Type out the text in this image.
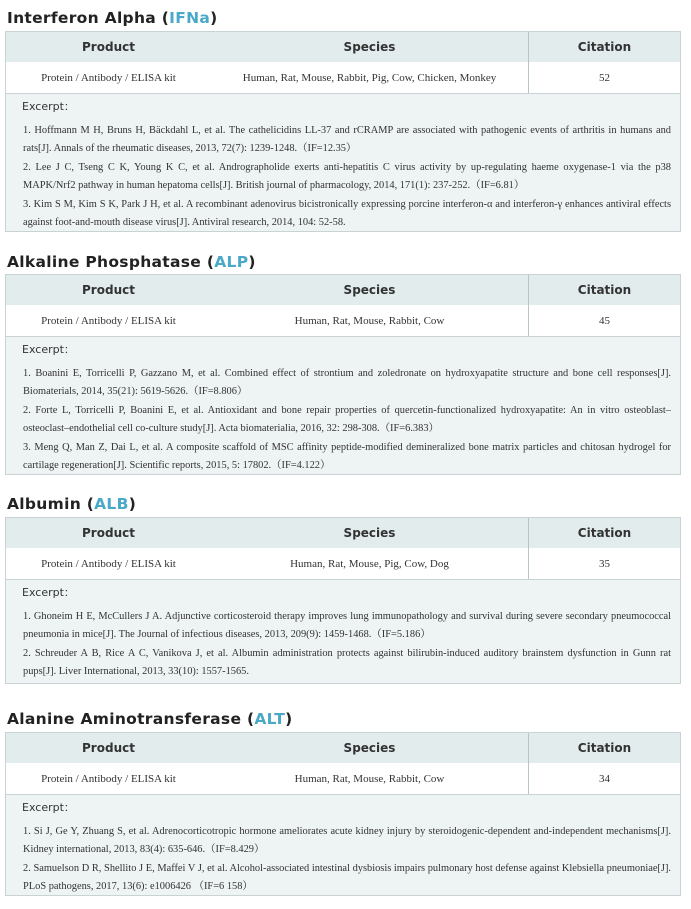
Interferon Alpha (IFNa)
Product	Species	Citation
Protein / Antibody / ELISA kit	Human, Rat, Mouse, Rabbit, Pig, Cow, Chicken, Monkey	52
Excerpt：

1. Hoffmann M H, Bruns H, Bäckdahl L, et al. The cathelicidins LL-37 and rCRAMP are associated with pathogenic events of arthritis in humans and rats[J]. Annals of the rheumatic diseases, 2013, 72(7): 1239-1248.（IF=12.35）

2. Lee J C, Tseng C K, Young K C, et al. Andrographolide exerts anti-hepatitis C virus activity by up-regulating haeme oxygenase-1 via the p38 MAPK/Nrf2 pathway in human hepatoma cells[J]. British journal of pharmacology, 2014, 171(1): 237-252.（IF=6.81）

3. Kim S M, Kim S K, Park J H, et al. A recombinant adenovirus bicistronically expressing porcine interferon-α and interferon-γ enhances antiviral effects against foot-and-mouth disease virus[J]. Antiviral research, 2014, 104: 52-58.

Alkaline Phosphatase (ALP)
Product	Species	Citation
Protein / Antibody / ELISA kit	Human, Rat, Mouse, Rabbit, Cow	45
Excerpt：

1. Boanini E, Torricelli P, Gazzano M, et al. Combined effect of strontium and zoledronate on hydroxyapatite structure and bone cell responses[J]. Biomaterials, 2014, 35(21): 5619-5626.（IF=8.806）

2. Forte L, Torricelli P, Boanini E, et al. Antioxidant and bone repair properties of quercetin-functionalized hydroxyapatite: An in vitro osteoblast–osteoclast–endothelial cell co-culture study[J]. Acta biomaterialia, 2016, 32: 298-308.（IF=6.383）

3. Meng Q, Man Z, Dai L, et al. A composite scaffold of MSC affinity peptide-modified demineralized bone matrix particles and chitosan hydrogel for cartilage regeneration[J]. Scientific reports, 2015, 5: 17802.（IF=4.122）

Albumin (ALB)
Product	Species	Citation
Protein / Antibody / ELISA kit	Human, Rat, Mouse, Pig, Cow, Dog	35
Excerpt：

1. Ghoneim H E, McCullers J A. Adjunctive corticosteroid therapy improves lung immunopathology and survival during severe secondary pneumococcal pneumonia in mice[J]. The Journal of infectious diseases, 2013, 209(9): 1459-1468.（IF=5.186）

2. Schreuder A B, Rice A C, Vanikova J, et al. Albumin administration protects against bilirubin-induced auditory brainstem dysfunction in Gunn rat pups[J]. Liver International, 2013, 33(10): 1557-1565.

Alanine Aminotransferase (ALT)
Product	Species	Citation
Protein / Antibody / ELISA kit	Human, Rat, Mouse, Rabbit, Cow	34
Excerpt：

1. Si J, Ge Y, Zhuang S, et al. Adrenocorticotropic hormone ameliorates acute kidney injury by steroidogenic-dependent and-independent mechanisms[J]. Kidney international, 2013, 83(4): 635-646.（IF=8.429）

2. Samuelson D R, Shellito J E, Maffei V J, et al. Alcohol-associated intestinal dysbiosis impairs pulmonary host defense against Klebsiella pneumoniae[J]. PLoS pathogens, 2017, 13(6): e1006426 （IF=6 158）
